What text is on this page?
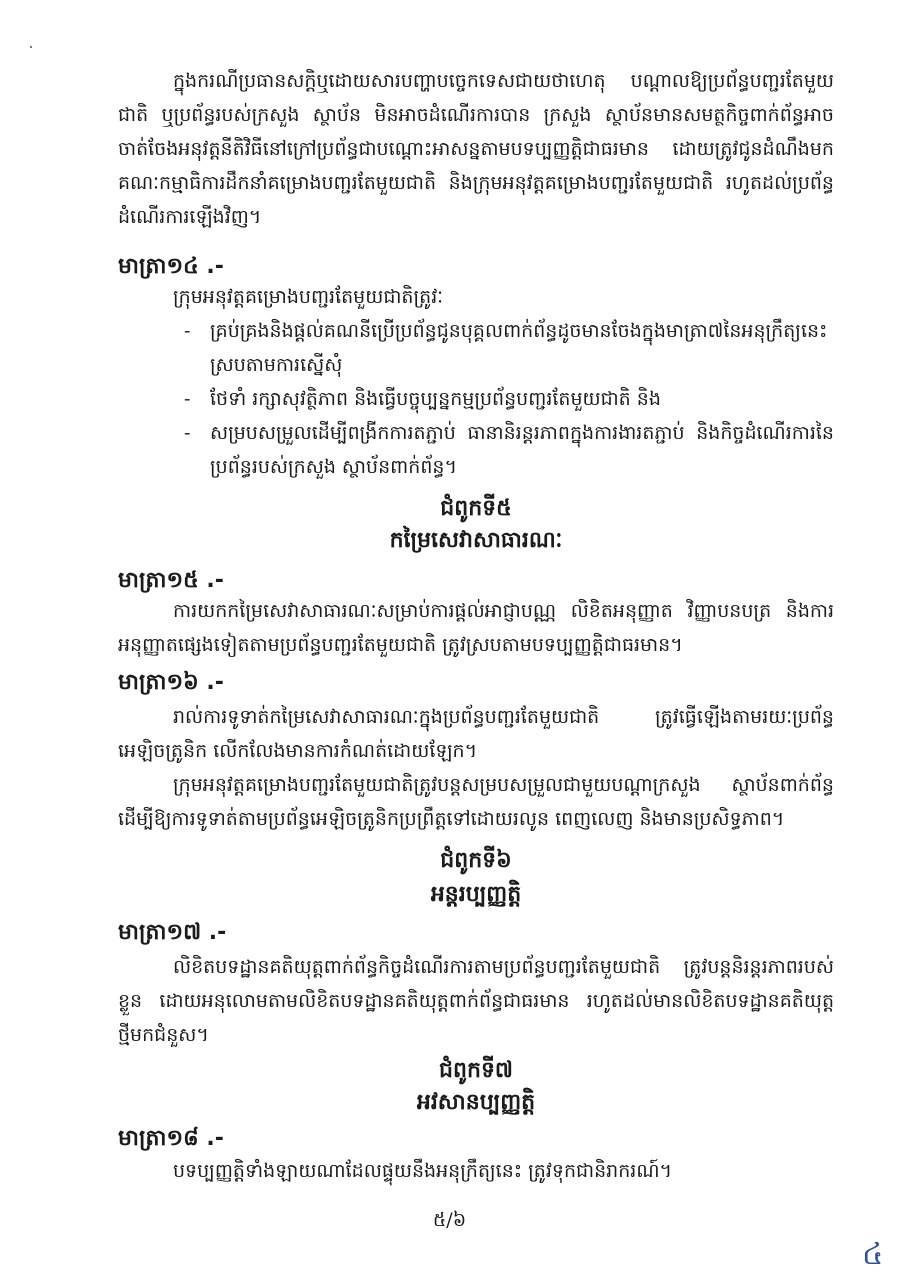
ក្នុងករណីប្រធានសក្តិឬដោយសារបញ្ហាបច្ចេកទេសជាយថាហេតុ បណ្តាលឱ្យប្រព័ន្ធបញ្ជរតែមួយជាតិ ឬប្រព័ន្ធរបស់ក្រសួង ស្ថាប័ន មិនអាចដំណើរការបាន ក្រសួង ស្ថាប័នមានសមត្ថកិច្ចពាក់ព័ន្ធអាចចាត់ចែងអនុវត្តនីតិវិធីនៅក្រៅប្រព័ន្ធជាបណ្តោះអាសន្នតាមបទប្បញ្ញត្តិជាធរមាន ដោយត្រូវជូនដំណឹងមកគណៈកម្មាធិការដឹកនាំគម្រោងបញ្ជរតែមួយជាតិ និងក្រុមអនុវត្តគម្រោងបញ្ជរតែមួយជាតិ រហូតដល់ប្រព័ន្ធដំណើរការឡើងវិញ។

មាត្រា១៤ .-

ក្រុមអនុវត្តគម្រោងបញ្ជរតែមួយជាតិត្រូវៈ

- គ្រប់គ្រងនិងផ្តល់គណនីប្រើប្រព័ន្ធជូនបុគ្គលពាក់ព័ន្ធដូចមានចែងក្នុងមាត្រា៧នៃអនុក្រឹត្យនេះស្របតាមការស្នើសុំ
- ថែទាំ រក្សាសុវត្ថិភាព និងធ្វើបច្ចុប្បន្នកម្មប្រព័ន្ធបញ្ជរតែមួយជាតិ និង
- សម្របសម្រួលដើម្បីពង្រីកការតភ្ជាប់ ធានានិរន្តរភាពក្នុងការងារតភ្ជាប់ និងកិច្ចដំណើរការនៃប្រព័ន្ធរបស់ក្រសួង ស្ថាប័នពាក់ព័ន្ធ។
ជំពូកទី៥
កម្រៃសេវាសាធារណៈ
មាត្រា១៥ .-

ការយកកម្រៃសេវាសាធារណៈសម្រាប់ការផ្តល់អាជ្ញាបណ្ណ លិខិតអនុញ្ញាត វិញ្ញាបនបត្រ និងការអនុញ្ញាតផ្សេងទៀតតាមប្រព័ន្ធបញ្ជរតែមួយជាតិ ត្រូវស្របតាមបទប្បញ្ញត្តិជាធរមាន។

មាត្រា១៦ .-

រាល់ការទូទាត់កម្រៃសេវាសាធារណៈក្នុងប្រព័ន្ធបញ្ជរតែមួយជាតិ ត្រូវធ្វើឡើងតាមរយៈប្រព័ន្ធអេឡិចត្រូនិក លើកលែងមានការកំណត់ដោយឡែក។

ក្រុមអនុវត្តគម្រោងបញ្ជរតែមួយជាតិត្រូវបន្តសម្របសម្រួលជាមួយបណ្តាក្រសួង ស្ថាប័នពាក់ព័ន្ធដើម្បីឱ្យការទូទាត់តាមប្រព័ន្ធអេឡិចត្រូនិកប្រព្រឹត្តទៅដោយរលូន ពេញលេញ និងមានប្រសិទ្ធភាព។

ជំពូកទី៦
អន្តរប្បញ្ញត្តិ
មាត្រា១៧ .-

លិខិតបទដ្ឋានគតិយុត្តពាក់ព័ន្ធកិច្ចដំណើរការតាមប្រព័ន្ធបញ្ជរតែមួយជាតិ ត្រូវបន្តនិរន្តរភាពរបស់ខ្លួន ដោយអនុលោមតាមលិខិតបទដ្ឋានគតិយុត្តពាក់ព័ន្ធជាធរមាន រហូតដល់មានលិខិតបទដ្ឋានគតិយុត្តថ្មីមកជំនួស។

ជំពូកទី៧
អវសានប្បញ្ញត្តិ
មាត្រា១៨ .-

បទប្បញ្ញត្តិទាំងឡាយណាដែលផ្ទុយនឹងអនុក្រឹត្យនេះ ត្រូវទុកជានិរាករណ៍។

៥/៦
៤
